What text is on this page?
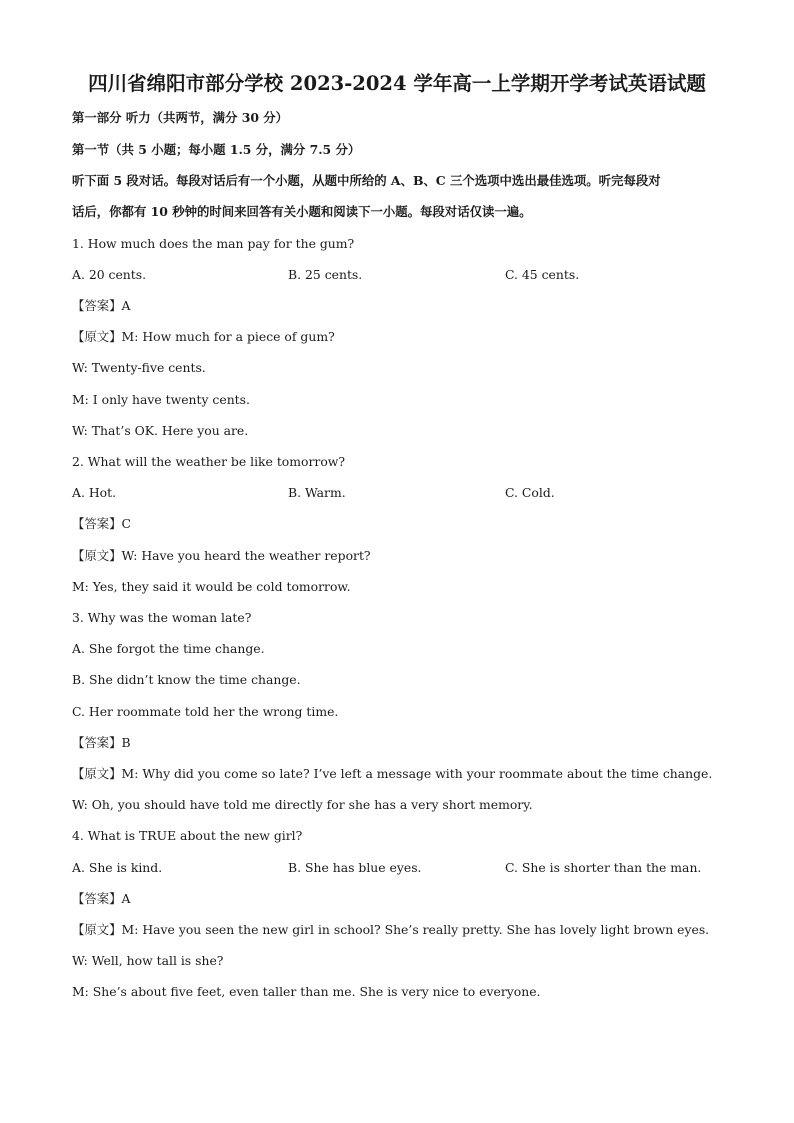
四川省绵阳市部分学校 2023-2024 学年高一上学期开学考试英语试题
第一部分 听力（共两节，满分 30 分）
第一节（共 5 小题；每小题 1.5 分，满分 7.5 分）
听下面 5 段对话。每段对话后有一个小题，从题中所给的 A、B、C 三个选项中选出最佳选项。听完每段对
话后，你都有 10 秒钟的时间来回答有关小题和阅读下一小题。每段对话仅读一遍。
1. How much does the man pay for the gum?
A. 20 cents.	B. 25 cents.	C. 45 cents.
【答案】A
【原文】M: How much for a piece of gum?
W: Twenty-five cents.
M: I only have twenty cents.
W: That’s OK. Here you are.
2. What will the weather be like tomorrow?
A. Hot.	B. Warm.	C. Cold.
【答案】C
【原文】W: Have you heard the weather report?
M: Yes, they said it would be cold tomorrow.
3. Why was the woman late?
A. She forgot the time change.
B. She didn’t know the time change.
C. Her roommate told her the wrong time.
【答案】B
【原文】M: Why did you come so late? I’ve left a message with your roommate about the time change.
W: Oh, you should have told me directly for she has a very short memory.
4. What is TRUE about the new girl?
A. She is kind.	B. She has blue eyes.	C. She is shorter than the man.
【答案】A
【原文】M: Have you seen the new girl in school? She’s really pretty. She has lovely light brown eyes.
W: Well, how tall is she?
M: She’s about five feet, even taller than me. She is very nice to everyone.
